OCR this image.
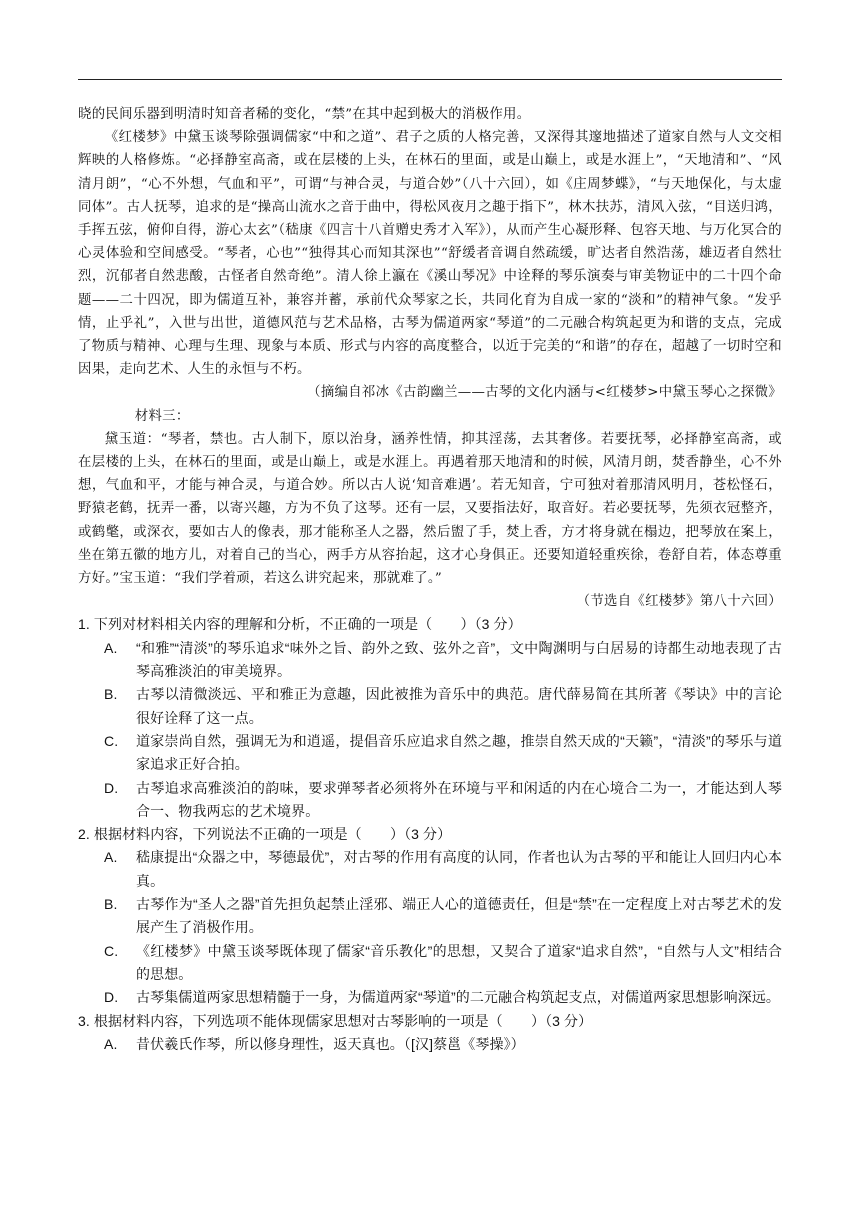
晓的民间乐器到明清时知音者稀的变化，“禁”在其中起到极大的消极作用。

《红楼梦》中黛玉谈琴除强调儒家“中和之道”、君子之质的人格完善，又深得其邃地描述了道家自然与人文交相辉映的人格修炼。“必择静室高斋，或在层楼的上头，在林石的里面，或是山巅上，或是水涯上”，“天地清和”、“风清月朗”，“心不外想，气血和平”，可谓“与神合灵，与道合妙”（八十六回），如《庄周梦蝶》，“与天地保化，与太虚同体”。古人抚琴，追求的是“操高山流水之音于曲中，得松风夜月之趣于指下”，林木扶苏，清风入弦，“目送归鸿，手挥五弦，俯仰自得，游心太玄”（嵇康《四言十八首赠史秀才入军》），从而产生心凝形释、包容天地、与万化冥合的心灵体验和空间感受。“琴者，心也”“独得其心而知其深也”“舒缓者音调自然疏缓，旷达者自然浩荡，雄迈者自然壮烈，沉郁者自然悲酸，古怪者自然奇绝”。清人徐上瀛在《溪山琴况》中诠释的琴乐演奏与审美物证中的二十四个命题——二十四况，即为儒道互补，兼容并蓄，承前代众琴家之长，共同化育为自成一家的“淡和”的精神气象。“发乎情，止乎礼”，入世与出世，道德风范与艺术品格，古琴为儒道两家“琴道”的二元融合构筑起更为和谐的支点，完成了物质与精神、心理与生理、现象与本质、形式与内容的高度整合，以近于完美的“和谐”的存在，超越了一切时空和因果，走向艺术、人生的永恒与不朽。

（摘编自祁冰《古韵幽兰——古琴的文化内涵与<红楼梦>中黛玉琴心之探微》

材料三：

黛玉道：“琴者，禁也。古人制下，原以治身，涵养性情，抑其淫荡，去其奢侈。若要抚琴，必择静室高斋，或在层楼的上头，在林石的里面，或是山巅上，或是水涯上。再遇着那天地清和的时候，风清月朗，焚香静坐，心不外想，气血和平，才能与神合灵，与道合妙。所以古人说‘知音难遇’。若无知音，宁可独对着那清风明月，苍松怪石，野猿老鹤，抚弄一番，以寄兴趣，方为不负了这琴。还有一层，又要指法好，取音好。若必要抚琴，先须衣冠整齐，或鹤氅，或深衣，要如古人的像表，那才能称圣人之器，然后盥了手，焚上香，方才将身就在榻边，把琴放在案上，坐在第五徽的地方儿，对着自己的当心，两手方从容抬起，这才心身俱正。还要知道轻重疾徐，卷舒自若，体态尊重方好。”宝玉道：“我们学着顽，若这么讲究起来，那就难了。”

（节选自《红楼梦》第八十六回）

1. 下列对材料相关内容的理解和分析，不正确的一项是（　　）（3 分）

A.	“和雅”“清淡”的琴乐追求“味外之旨、韵外之致、弦外之音”，文中陶渊明与白居易的诗都生动地表现了古琴高雅淡泊的审美境界。
B.	古琴以清微淡远、平和雅正为意趣，因此被推为音乐中的典范。唐代薛易简在其所著《琴诀》中的言论很好诠释了这一点。
C.	道家崇尚自然，强调无为和逍遥，提倡音乐应追求自然之趣，推崇自然天成的“天籁”，“清淡”的琴乐与道家追求正好合拍。
D.	古琴追求高雅淡泊的韵味，要求弹琴者必须将外在环境与平和闲适的内在心境合二为一，才能达到人琴合一、物我两忘的艺术境界。

2. 根据材料内容，下列说法不正确的一项是（　　）（3 分）

A.	嵇康提出“众器之中，琴德最优”，对古琴的作用有高度的认同，作者也认为古琴的平和能让人回归内心本真。
B.	古琴作为“圣人之器”首先担负起禁止淫邪、端正人心的道德责任，但是“禁”在一定程度上对古琴艺术的发展产生了消极作用。
C.	《红楼梦》中黛玉谈琴既体现了儒家“音乐教化”的思想，又契合了道家“追求自然”，“自然与人文”相结合的思想。
D.	古琴集儒道两家思想精髓于一身，为儒道两家“琴道”的二元融合构筑起支点，对儒道两家思想影响深远。

3. 根据材料内容，下列选项不能体现儒家思想对古琴影响的一项是（　　）（3 分）

A.	昔伏羲氏作琴，所以修身理性，返天真也。（[汉]蔡邕《琴操》）
